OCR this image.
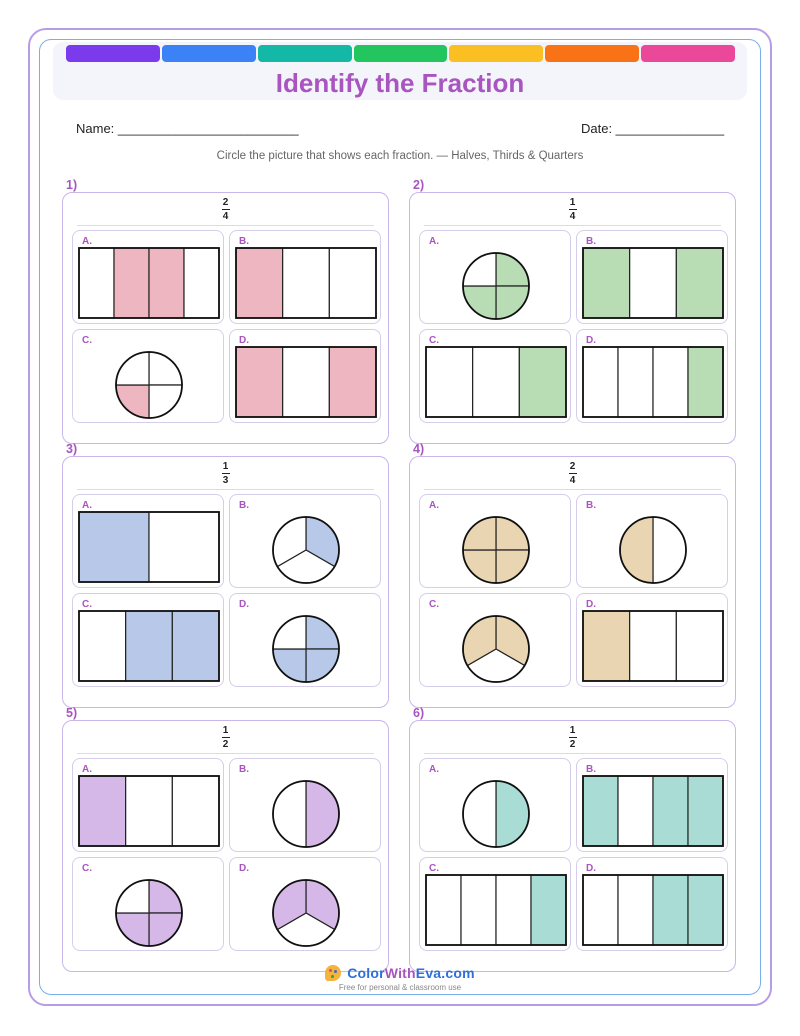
Identify the Fraction
Name: _________________________	Date: _______________
Circle the picture that shows each fraction. — Halves, Thirds & Quarters
1)
2
4
A.	B.
C.	D.
2)
1
4
A.	B.
C.	D.
3)
1
3
A.	B.
C.	D.
4)
2
4
A.	B.
C.	D.
5)
1
2
A.	B.
C.	D.
6)
1
2
A.	B.
C.	D.
ColorWithEva.com
Free for personal & classroom use
